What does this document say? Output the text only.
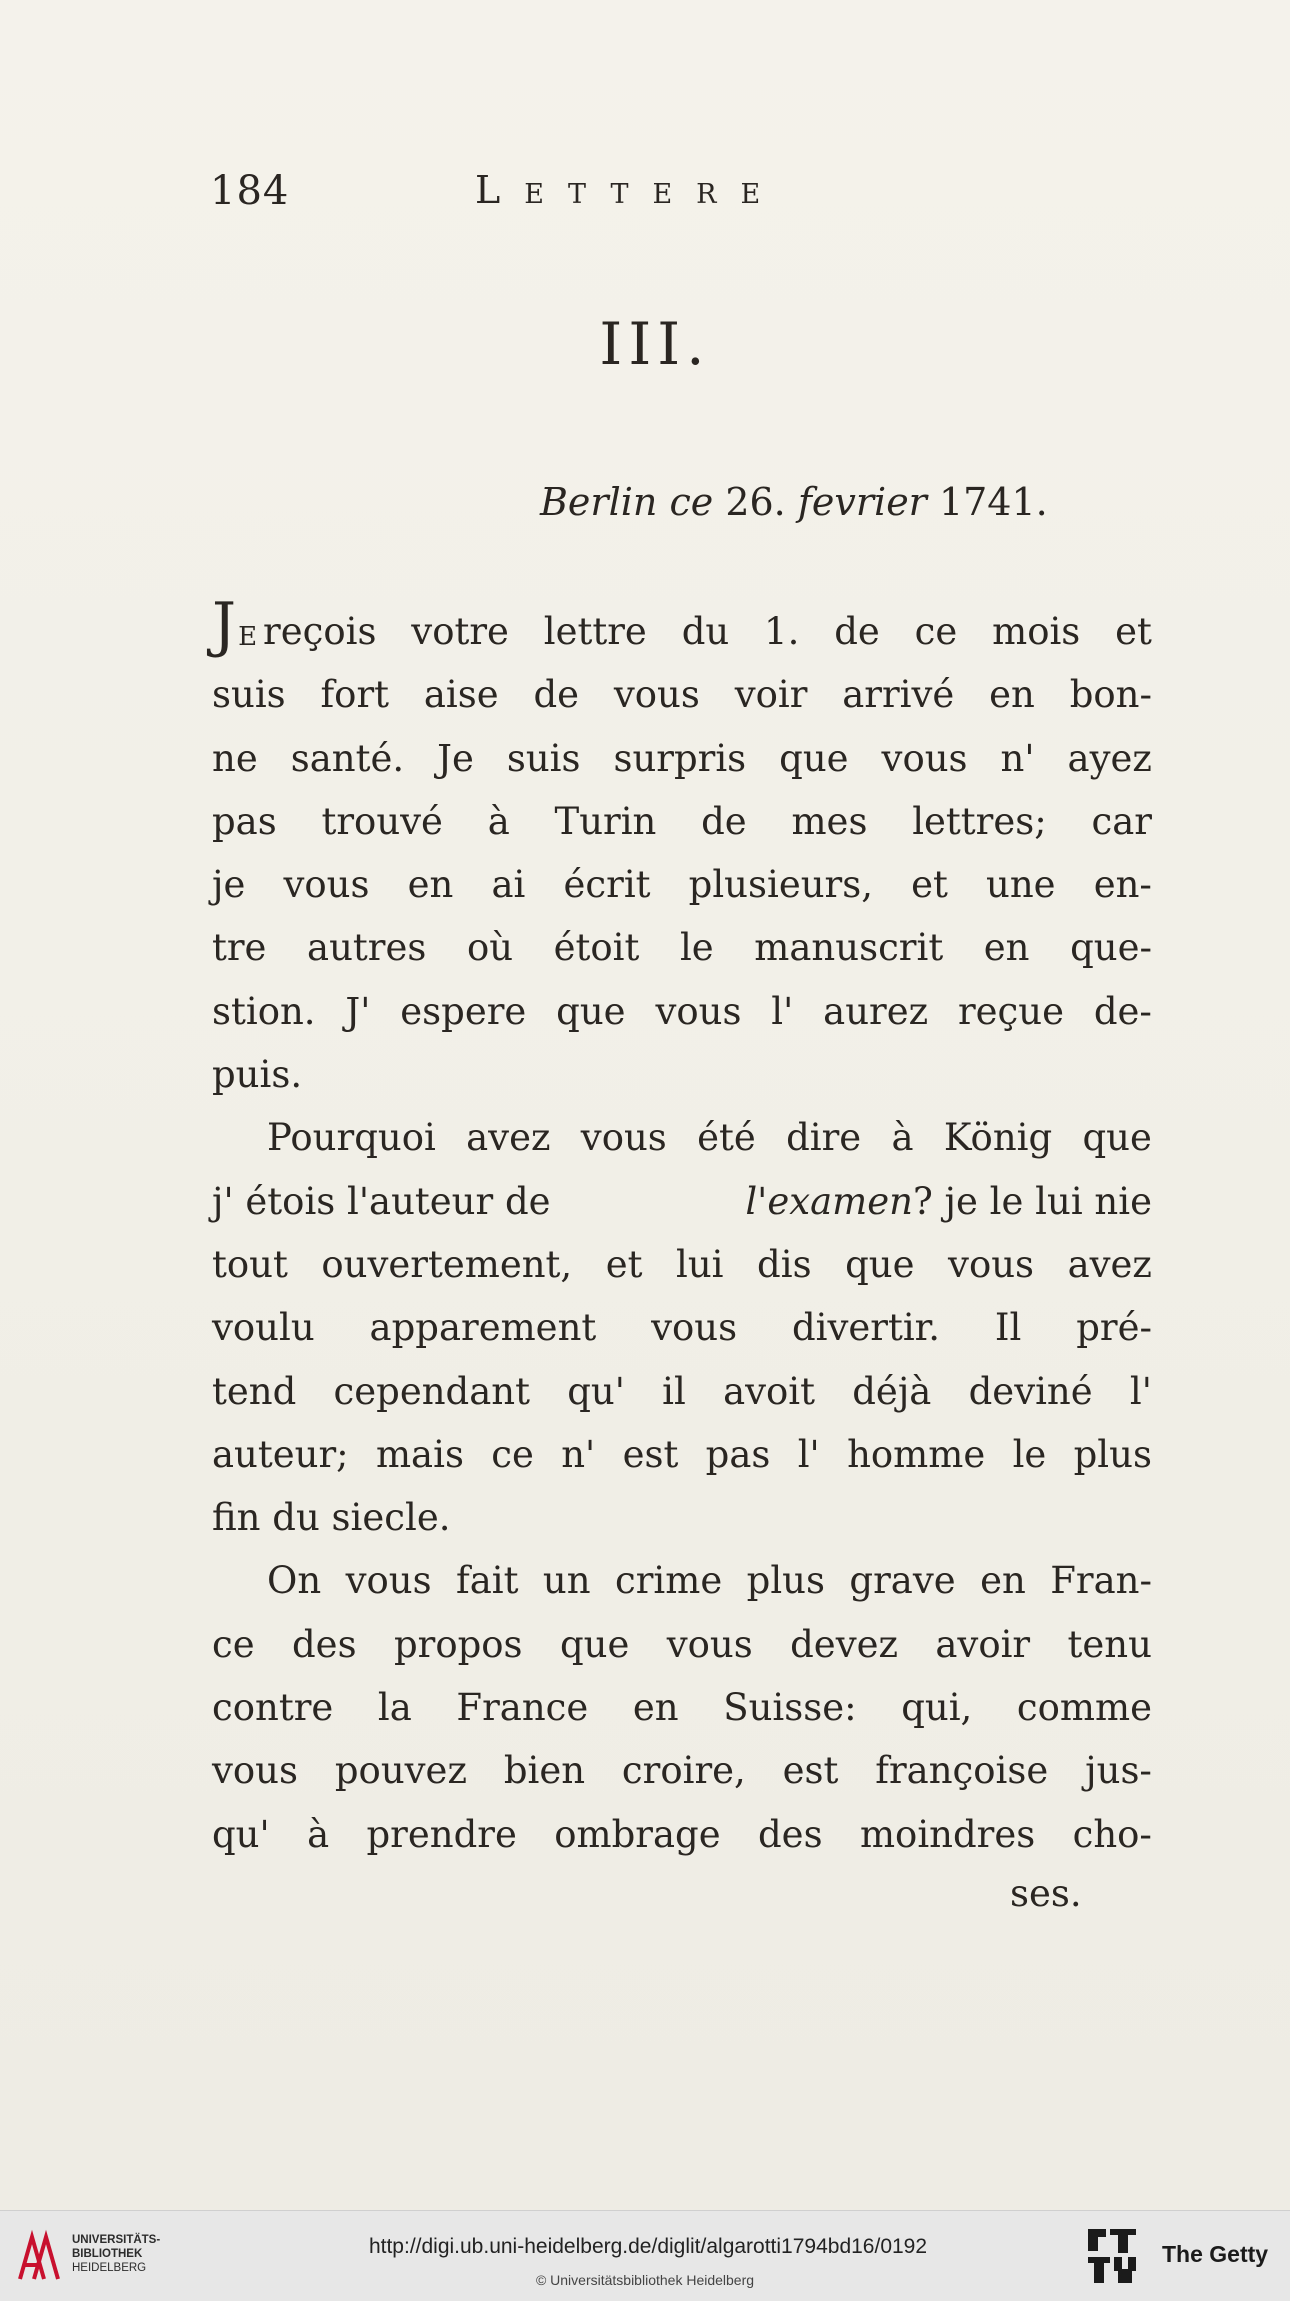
184	Lettere
III.
Berlin ce 26. fevrier 1741.
JE reçois votre lettre du 1. de ce mois et
suis fort aise de vous voir arrivé en bon-
ne santé. Je suis surpris que vous n' ayez
pas trouvé à Turin de mes lettres; car
je vous en ai écrit plusieurs, et une en-
tre autres où étoit le manuscrit en que-
stion. J' espere que vous l' aurez reçue de-
puis.
Pourquoi avez vous été dire à König que
j' étois l'auteur de	l'examen? je le lui nie
tout ouvertement, et lui dis que vous avez
voulu apparement vous divertir. Il pré-
tend cependant qu' il avoit déjà deviné l'
auteur; mais ce n' est pas l' homme le plus
fin du siecle.
On vous fait un crime plus grave en Fran-
ce des propos que vous devez avoir tenu
contre la France en Suisse: qui, comme
vous pouvez bien croire, est françoise jus-
qu' à prendre ombrage des moindres cho-
ses.
UNIVERSITÄTS-
BIBLIOTHEK
HEIDELBERG
http://digi.ub.uni-heidelberg.de/diglit/algarotti1794bd16/0192
© Universitätsbibliothek Heidelberg
The Getty
